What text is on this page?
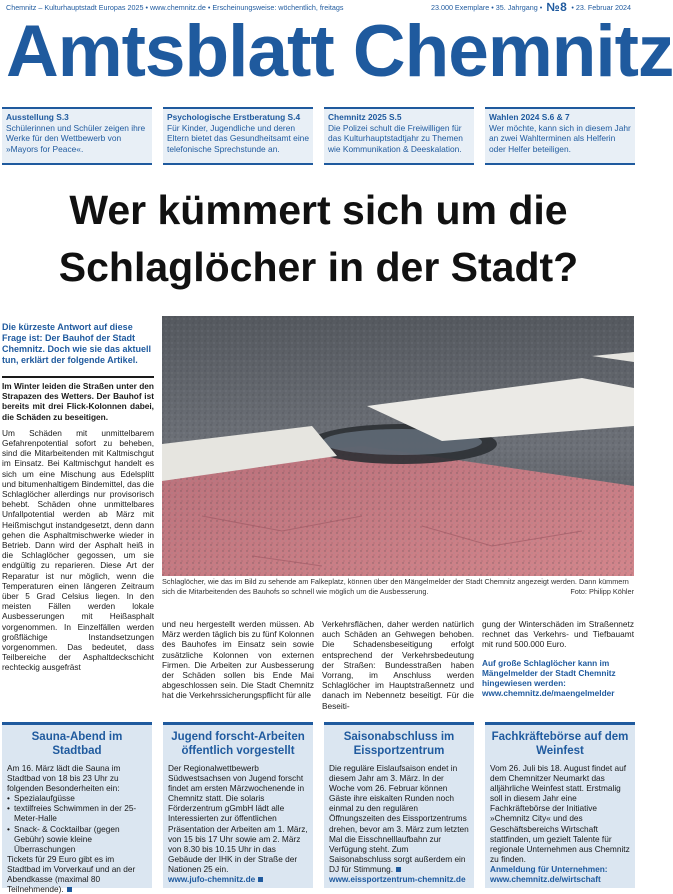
Chemnitz – Kulturhauptstadt Europas 2025 • www.chemnitz.de • Erscheinungsweise: wöchentlich, freitags	23.000 Exemplare • 35. Jahrgang • №8 • 23. Februar 2024
Amtsblatt Chemnitz
Ausstellung S.3
Schülerinnen und Schüler zeigen ihre Werke für den Wettbewerb von »Mayors for Peace«.
Psychologische Erstberatung S.4
Für Kinder, Jugendliche und deren Eltern bietet das Gesundheitsamt eine telefonische Sprechstunde an.
Chemnitz 2025 S.5
Die Polizei schult die Freiwilligen für das Kulturhauptstadtjahr zu Themen wie Kommunikation & Deeskalation.
Wahlen 2024 S.6 & 7
Wer möchte, kann sich in diesem Jahr an zwei Wahlterminen als Helferin oder Helfer beteiligen.
Wer kümmert sich um die
Schlaglöcher in der Stadt?

Die kürzeste Antwort auf diese Frage ist: Der Bauhof der Stadt Chemnitz. Doch wie sie das aktuell tun, erklärt der folgende Artikel.

Im Winter leiden die Straßen unter den Strapazen des Wetters. Der Bauhof ist bereits mit drei Flick-Kolonnen dabei, die Schäden zu beseitigen.

Um Schäden mit unmittelbarem Gefahrenpotential sofort zu beheben, sind die Mitarbeitenden mit Kaltmischgut im Einsatz. Bei Kaltmischgut handelt es sich um eine Mischung aus Edelsplitt und bitumenhaltigem Bindemittel, das die Schlaglöcher allerdings nur provisorisch behebt. Schäden ohne unmittelbares Unfallpotential werden ab März mit Heißmischgut instandgesetzt, denn dann gehen die Asphaltmischwerke wieder in Betrieb. Dann wird der Asphalt heiß in die Schlaglöcher gegossen, um sie endgültig zu reparieren. Diese Art der Reparatur ist nur möglich, wenn die Temperaturen einen längeren Zeitraum über 5 Grad Celsius liegen. In den meisten Fällen werden lokale Ausbesserungen mit Heißasphalt vorgenommen. In Einzelfällen werden großflächige Instandsetzungen vorgenommen. Das bedeutet, dass Teilbereiche der Asphaltdeckschicht rechteckig ausgefräst

Schlaglöcher, wie das im Bild zu sehende am Falkeplatz, können über den Mängelmelder der Stadt Chemnitz angezeigt werden. Dann kümmern sich die Mitarbeitenden des Bauhofs so schnell wie möglich um die Ausbesserung.	Foto: Philipp Köhler

und neu hergestellt werden müssen. Ab März werden täglich bis zu fünf Kolonnen des Bauhofes im Einsatz sein sowie zusätzliche Kolonnen von externen Firmen. Die Arbeiten zur Ausbesserung der Schäden sollen bis Ende Mai abgeschlossen sein. Die Stadt Chemnitz hat die Verkehrssicherungspflicht für alle

Verkehrsflächen, daher werden natürlich auch Schäden an Gehwegen behoben. Die Schadensbeseitigung erfolgt entsprechend der Verkehrsbedeutung der Straßen: Bundesstraßen haben Vorrang, im Anschluss werden Schlaglöcher im Hauptstraßennetz und danach im Nebennetz beseitigt. Für die Beseiti-

gung der Winterschäden im Straßennetz rechnet das Verkehrs- und Tiefbauamt mit rund 500.000 Euro.

Auf große Schlaglöcher kann im Mängelmelder der Stadt Chemnitz hingewiesen werden:
www.chemnitz.de/maengelmelder

Sauna-Abend im Stadtbad

Am 16. März lädt die Sauna im Stadtbad von 18 bis 23 Uhr zu folgenden Besonderheiten ein:

• Spezialaufgüsse
• textilfreies Schwimmen in der 25-Meter-Halle
• Snack- & Cocktailbar (gegen Gebühr) sowie kleine Überraschungen

Tickets für 29 Euro gibt es im Stadtbad im Vorverkauf und an der Abendkasse (maximal 80 Teilnehmende).

Jugend forscht-Arbeiten öffentlich vorgestellt

Der Regionalwettbewerb Südwestsachsen von Jugend forscht findet am ersten Märzwochenende in Chemnitz statt. Die solaris Förderzentrum gGmbH lädt alle Interessierten zur öffentlichen Präsentation der Arbeiten am 1. März, von 15 bis 17 Uhr sowie am 2. März von 8.30 bis 10.15 Uhr in das Gebäude der IHK in der Straße der Nationen 25 ein.

www.jufo-chemnitz.de

Saisonabschluss im Eissportzentrum

Die reguläre Eislaufsaison endet in diesem Jahr am 3. März. In der Woche vom 26. Februar können Gäste ihre eiskalten Runden noch einmal zu den regulären Öffnungszeiten des Eissportzentrums drehen, bevor am 3. März zum letzten Mal die Eisschnelllaufbahn zur Verfügung steht. Zum Saisonabschluss sorgt außerdem ein DJ für Stimmung.

www.eissportzentrum-chemnitz.de

Fachkräftebörse auf dem Weinfest

Vom 26. Juli bis 18. August findet auf dem Chemnitzer Neumarkt das alljährliche Weinfest statt. Erstmalig soll in diesem Jahr eine Fachkräftebörse der Initiative »Chemnitz City« und des Geschäftsbereichs Wirtschaft stattfinden, um gezielt Talente für regionale Unternehmen aus Chemnitz zu finden.

Anmeldung für Unternehmen:

www.chemnitz.de/wirtschaft
